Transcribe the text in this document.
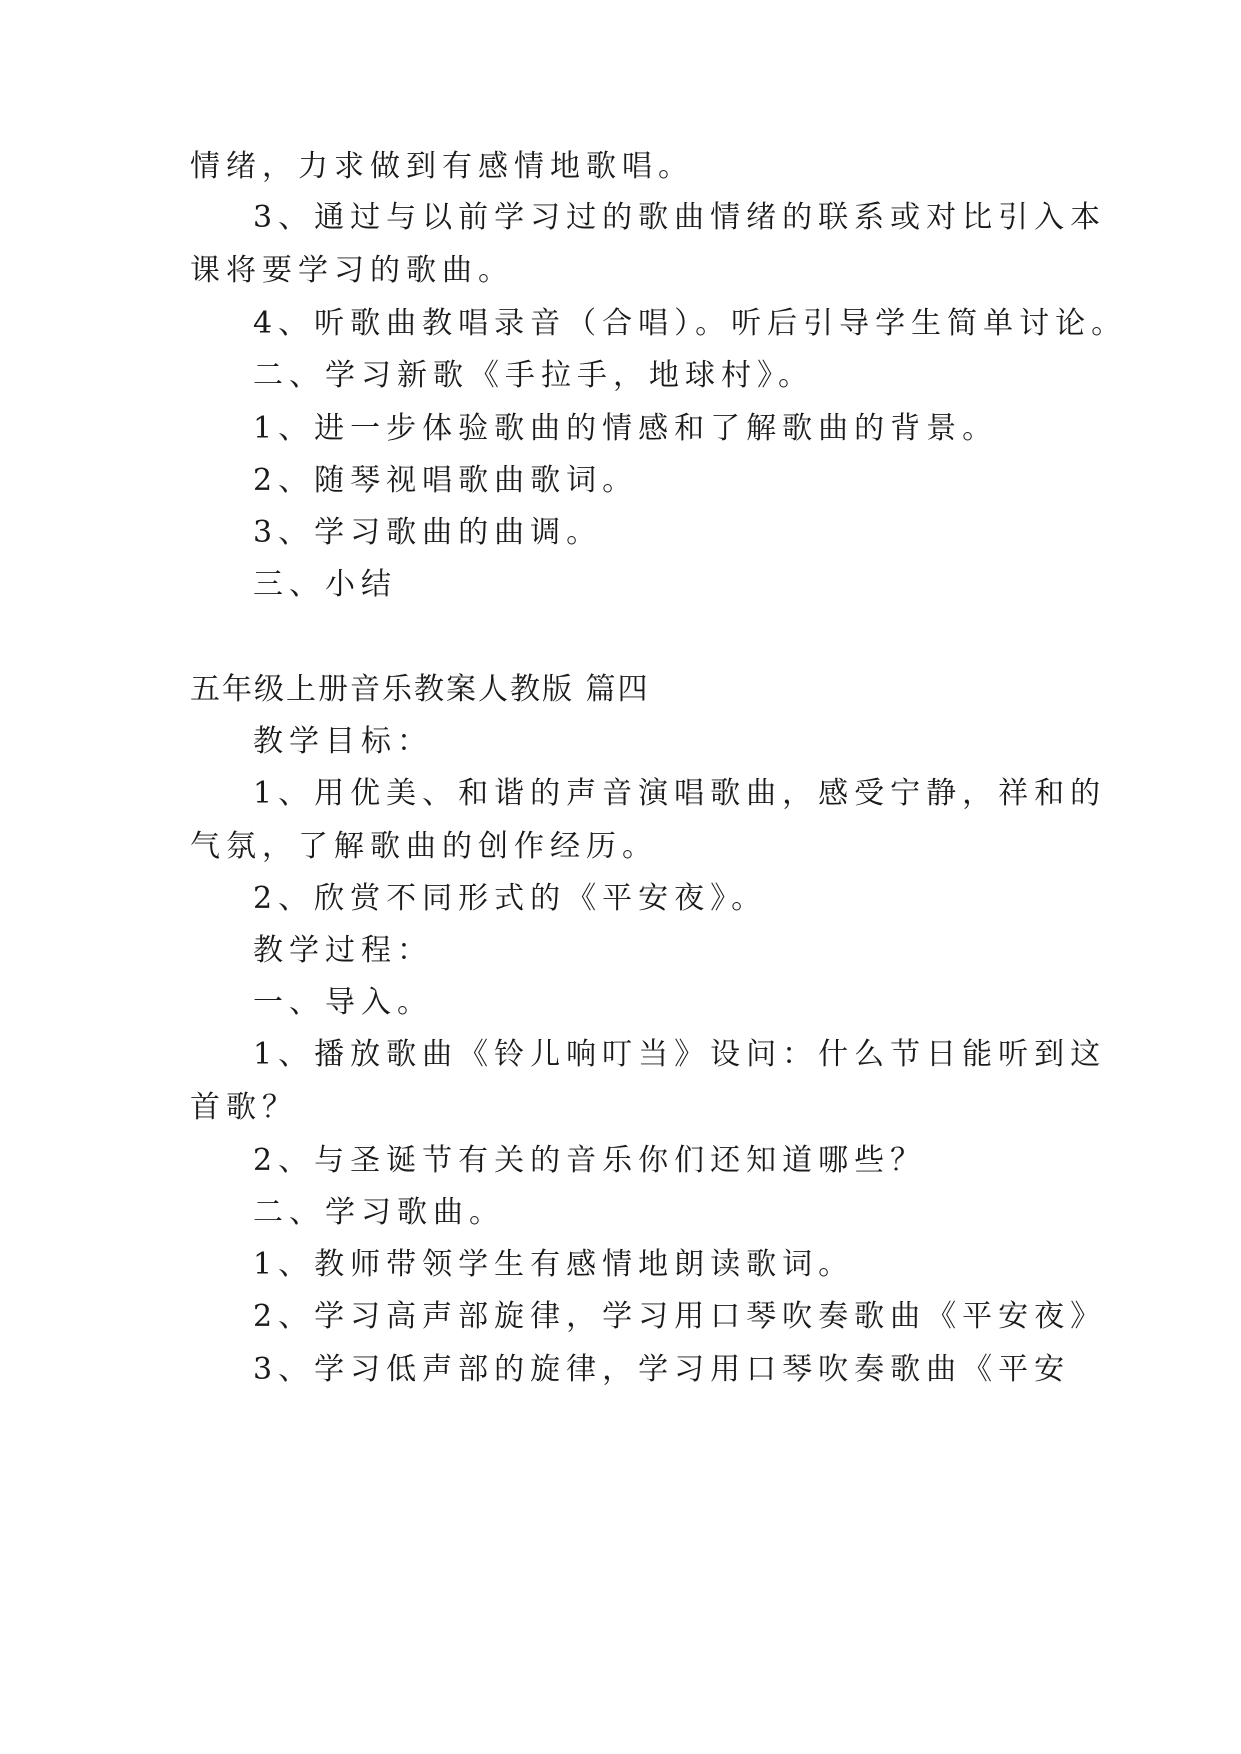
情绪，力求做到有感情地歌唱。
3、通过与以前学习过的歌曲情绪的联系或对比引入本
课将要学习的歌曲。
4、听歌曲教唱录音（合唱）。听后引导学生简单讨论。
二、学习新歌《手拉手，地球村》。
1、进一步体验歌曲的情感和了解歌曲的背景。
2、随琴视唱歌曲歌词。
3、学习歌曲的曲调。
三、小结
五年级上册音乐教案人教版 篇四
教学目标：
1、用优美、和谐的声音演唱歌曲，感受宁静，祥和的
气氛，了解歌曲的创作经历。
2、欣赏不同形式的《平安夜》。
教学过程：
一、导入。
1、播放歌曲《铃儿响叮当》设问：什么节日能听到这
首歌？
2、与圣诞节有关的音乐你们还知道哪些？
二、学习歌曲。
1、教师带领学生有感情地朗读歌词。
2、学习高声部旋律，学习用口琴吹奏歌曲《平安夜》
3、学习低声部的旋律，学习用口琴吹奏歌曲《平安
